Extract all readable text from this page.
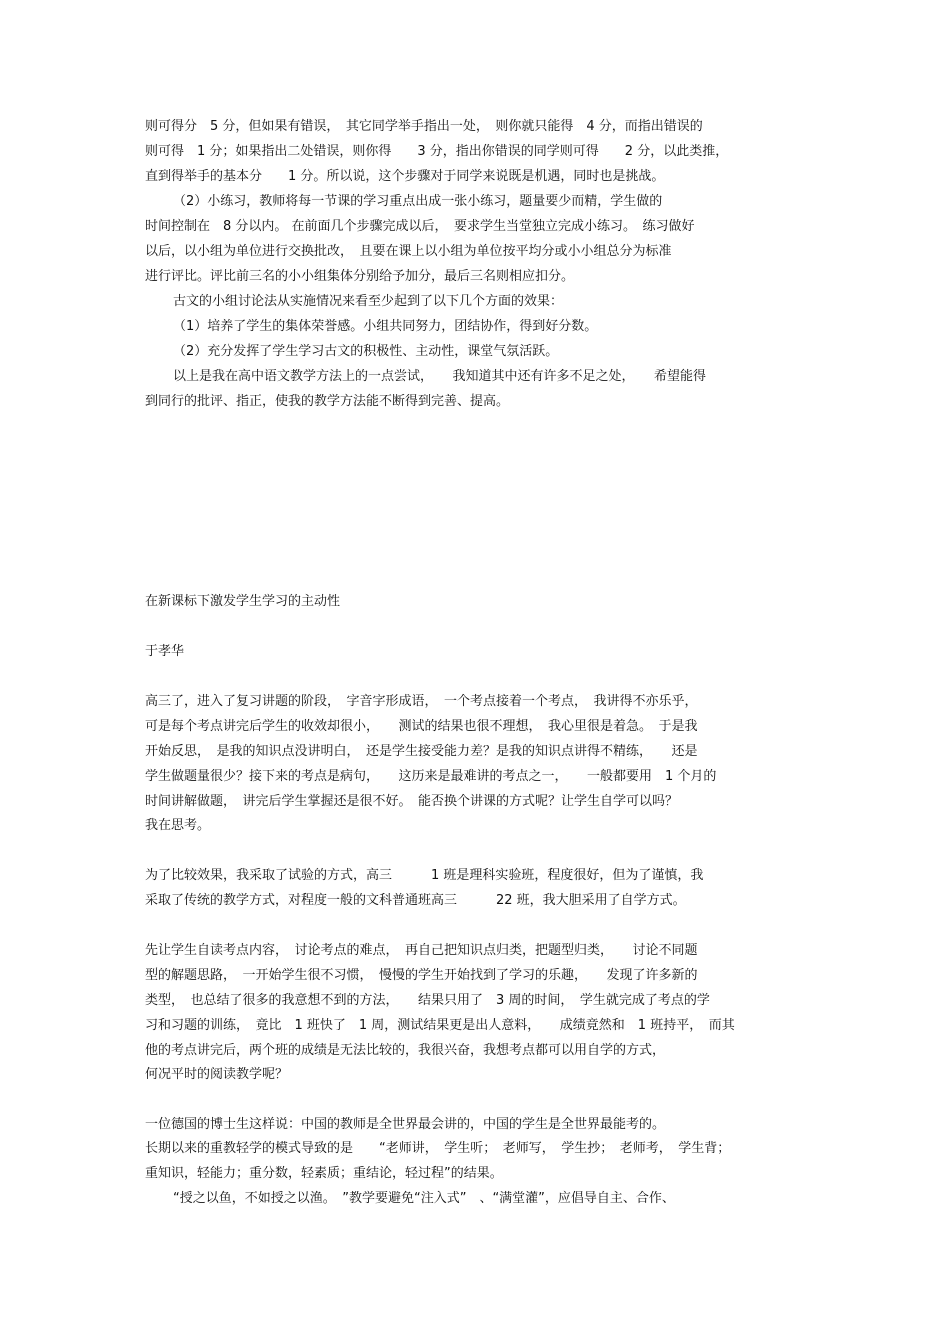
则可得分　5 分，但如果有错误，　其它同学举手指出一处，　则你就只能得　4 分，而指出错误的
则可得　1 分；如果指出二处错误，则你得　　3 分，指出你错误的同学则可得　　2 分，以此类推，
直到得举手的基本分　　1 分。所以说，这个步骤对于同学来说既是机遇，同时也是挑战。
（2）小练习，教师将每一节课的学习重点出成一张小练习，题量要少而精，学生做的
时间控制在　8 分以内。 在前面几个步骤完成以后，　要求学生当堂独立完成小练习。　练习做好
以后，以小组为单位进行交换批改，　且要在课上以小组为单位按平均分或小小组总分为标准
进行评比。评比前三名的小小组集体分别给予加分，最后三名则相应扣分。
古文的小组讨论法从实施情况来看至少起到了以下几个方面的效果：
（1）培养了学生的集体荣誉感。小组共同努力，团结协作，得到好分数。
（2）充分发挥了学生学习古文的积极性、主动性，课堂气氛活跃。
以上是我在高中语文教学方法上的一点尝试，　　我知道其中还有许多不足之处，　　希望能得
到同行的批评、指正，使我的教学方法能不断得到完善、提高。
在新课标下激发学生学习的主动性
于孝华
高三了，进入了复习讲题的阶段，　字音字形成语，　一个考点接着一个考点，　我讲得不亦乐乎，
可是每个考点讲完后学生的收效却很小，　　测试的结果也很不理想，　我心里很是着急。　于是我
开始反思，　是我的知识点没讲明白，　还是学生接受能力差？是我的知识点讲得不精练，　　还是
学生做题量很少？接下来的考点是病句，　　这历来是最难讲的考点之一，　　一般都要用　1 个月的
时间讲解做题，　讲完后学生掌握还是很不好。　能否换个讲课的方式呢？让学生自学可以吗？
我在思考。
为了比较效果，我采取了试验的方式，高三　　　1 班是理科实验班，程度很好，但为了谨慎，我
采取了传统的教学方式，对程度一般的文科普通班高三　　　22 班，我大胆采用了自学方式。
先让学生自读考点内容，　讨论考点的难点，　再自己把知识点归类，把题型归类，　　讨论不同题
型的解题思路，　一开始学生很不习惯，　慢慢的学生开始找到了学习的乐趣，　　发现了许多新的
类型，　也总结了很多的我意想不到的方法，　　结果只用了　3 周的时间，　学生就完成了考点的学
习和习题的训练，　竟比　1 班快了　1 周，测试结果更是出人意料，　　成绩竟然和　1 班持平，　而其
他的考点讲完后，两个班的成绩是无法比较的，我很兴奋，我想考点都可以用自学的方式，
何况平时的阅读教学呢？
一位德国的博士生这样说：中国的教师是全世界最会讲的，中国的学生是全世界最能考的。
长期以来的重教轻学的模式导致的是　　“老师讲，　学生听；　老师写，　学生抄；　老师考，　学生背；
重知识，轻能力；重分数，轻素质；重结论，轻过程”的结果。
“授之以鱼，不如授之以渔。　”教学要避免“注入式”　、“满堂灌”，应倡导自主、合作、
